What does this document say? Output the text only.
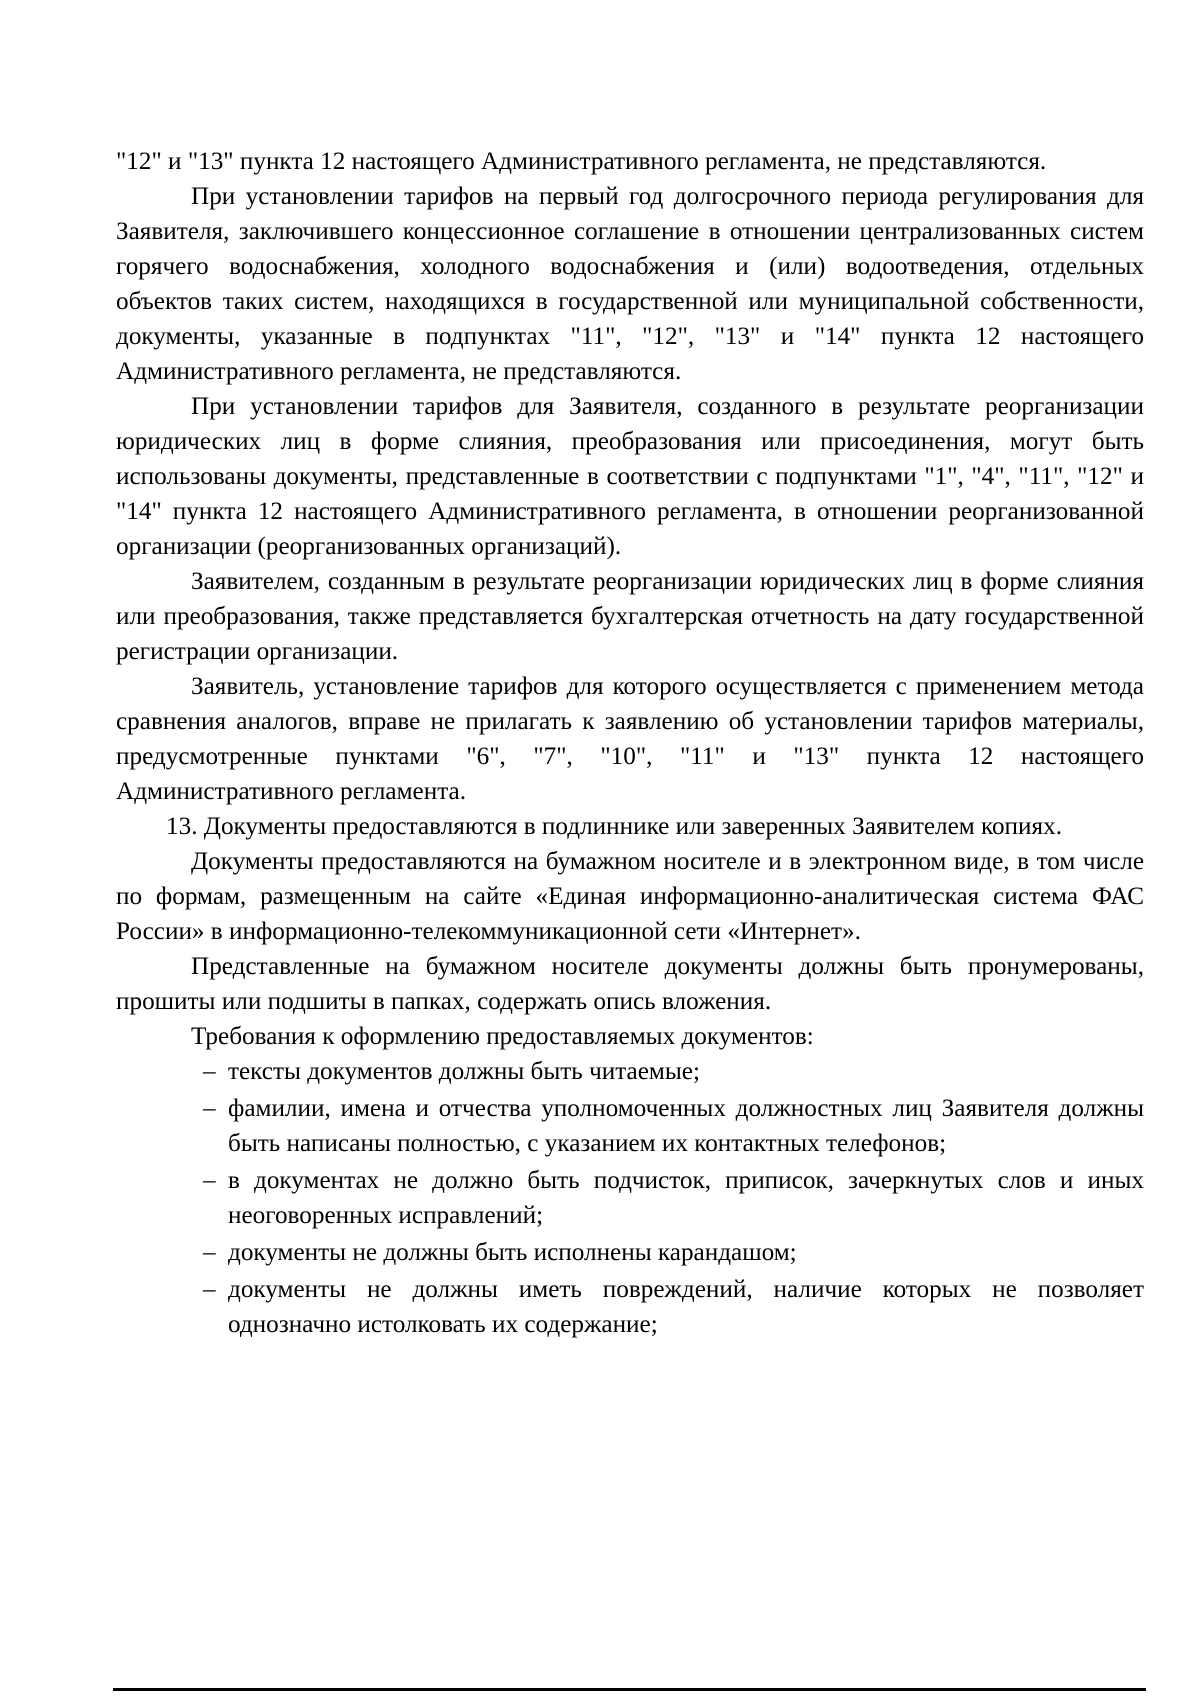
"12" и "13" пункта 12 настоящего Административного регламента, не представляются.

При установлении тарифов на первый год долгосрочного периода регулирования для Заявителя, заключившего концессионное соглашение в отношении централизованных систем горячего водоснабжения, холодного водоснабжения и (или) водоотведения, отдельных объектов таких систем, находящихся в государственной или муниципальной собственности, документы, указанные в подпунктах "11", "12", "13" и "14" пункта 12 настоящего Административного регламента, не представляются.

При установлении тарифов для Заявителя, созданного в результате реорганизации юридических лиц в форме слияния, преобразования или присоединения, могут быть использованы документы, представленные в соответствии с подпунктами "1", "4", "11", "12" и "14" пункта 12 настоящего Административного регламента, в отношении реорганизованной организации (реорганизованных организаций).

Заявителем, созданным в результате реорганизации юридических лиц в форме слияния или преобразования, также представляется бухгалтерская отчетность на дату государственной регистрации организации.

Заявитель, установление тарифов для которого осуществляется с применением метода сравнения аналогов, вправе не прилагать к заявлению об установлении тарифов материалы, предусмотренные пунктами "6", "7", "10", "11" и "13" пункта 12 настоящего Административного регламента.

13. Документы предоставляются в подлиннике или заверенных Заявителем копиях.

Документы предоставляются на бумажном носителе и в электронном виде, в том числе по формам, размещенным на сайте «Единая информационно-аналитическая система ФАС России» в информационно-телекоммуникационной сети «Интернет».

Представленные на бумажном носителе документы должны быть пронумерованы, прошиты или подшиты в папках, содержать опись вложения.

Требования к оформлению предоставляемых документов:

– тексты документов должны быть читаемые;
– фамилии, имена и отчества уполномоченных должностных лиц Заявителя должны быть написаны полностью, с указанием их контактных телефонов;
– в документах не должно быть подчисток, приписок, зачеркнутых слов и иных неоговоренных исправлений;
– документы не должны быть исполнены карандашом;
– документы не должны иметь повреждений, наличие которых не позволяет однозначно истолковать их содержание;
